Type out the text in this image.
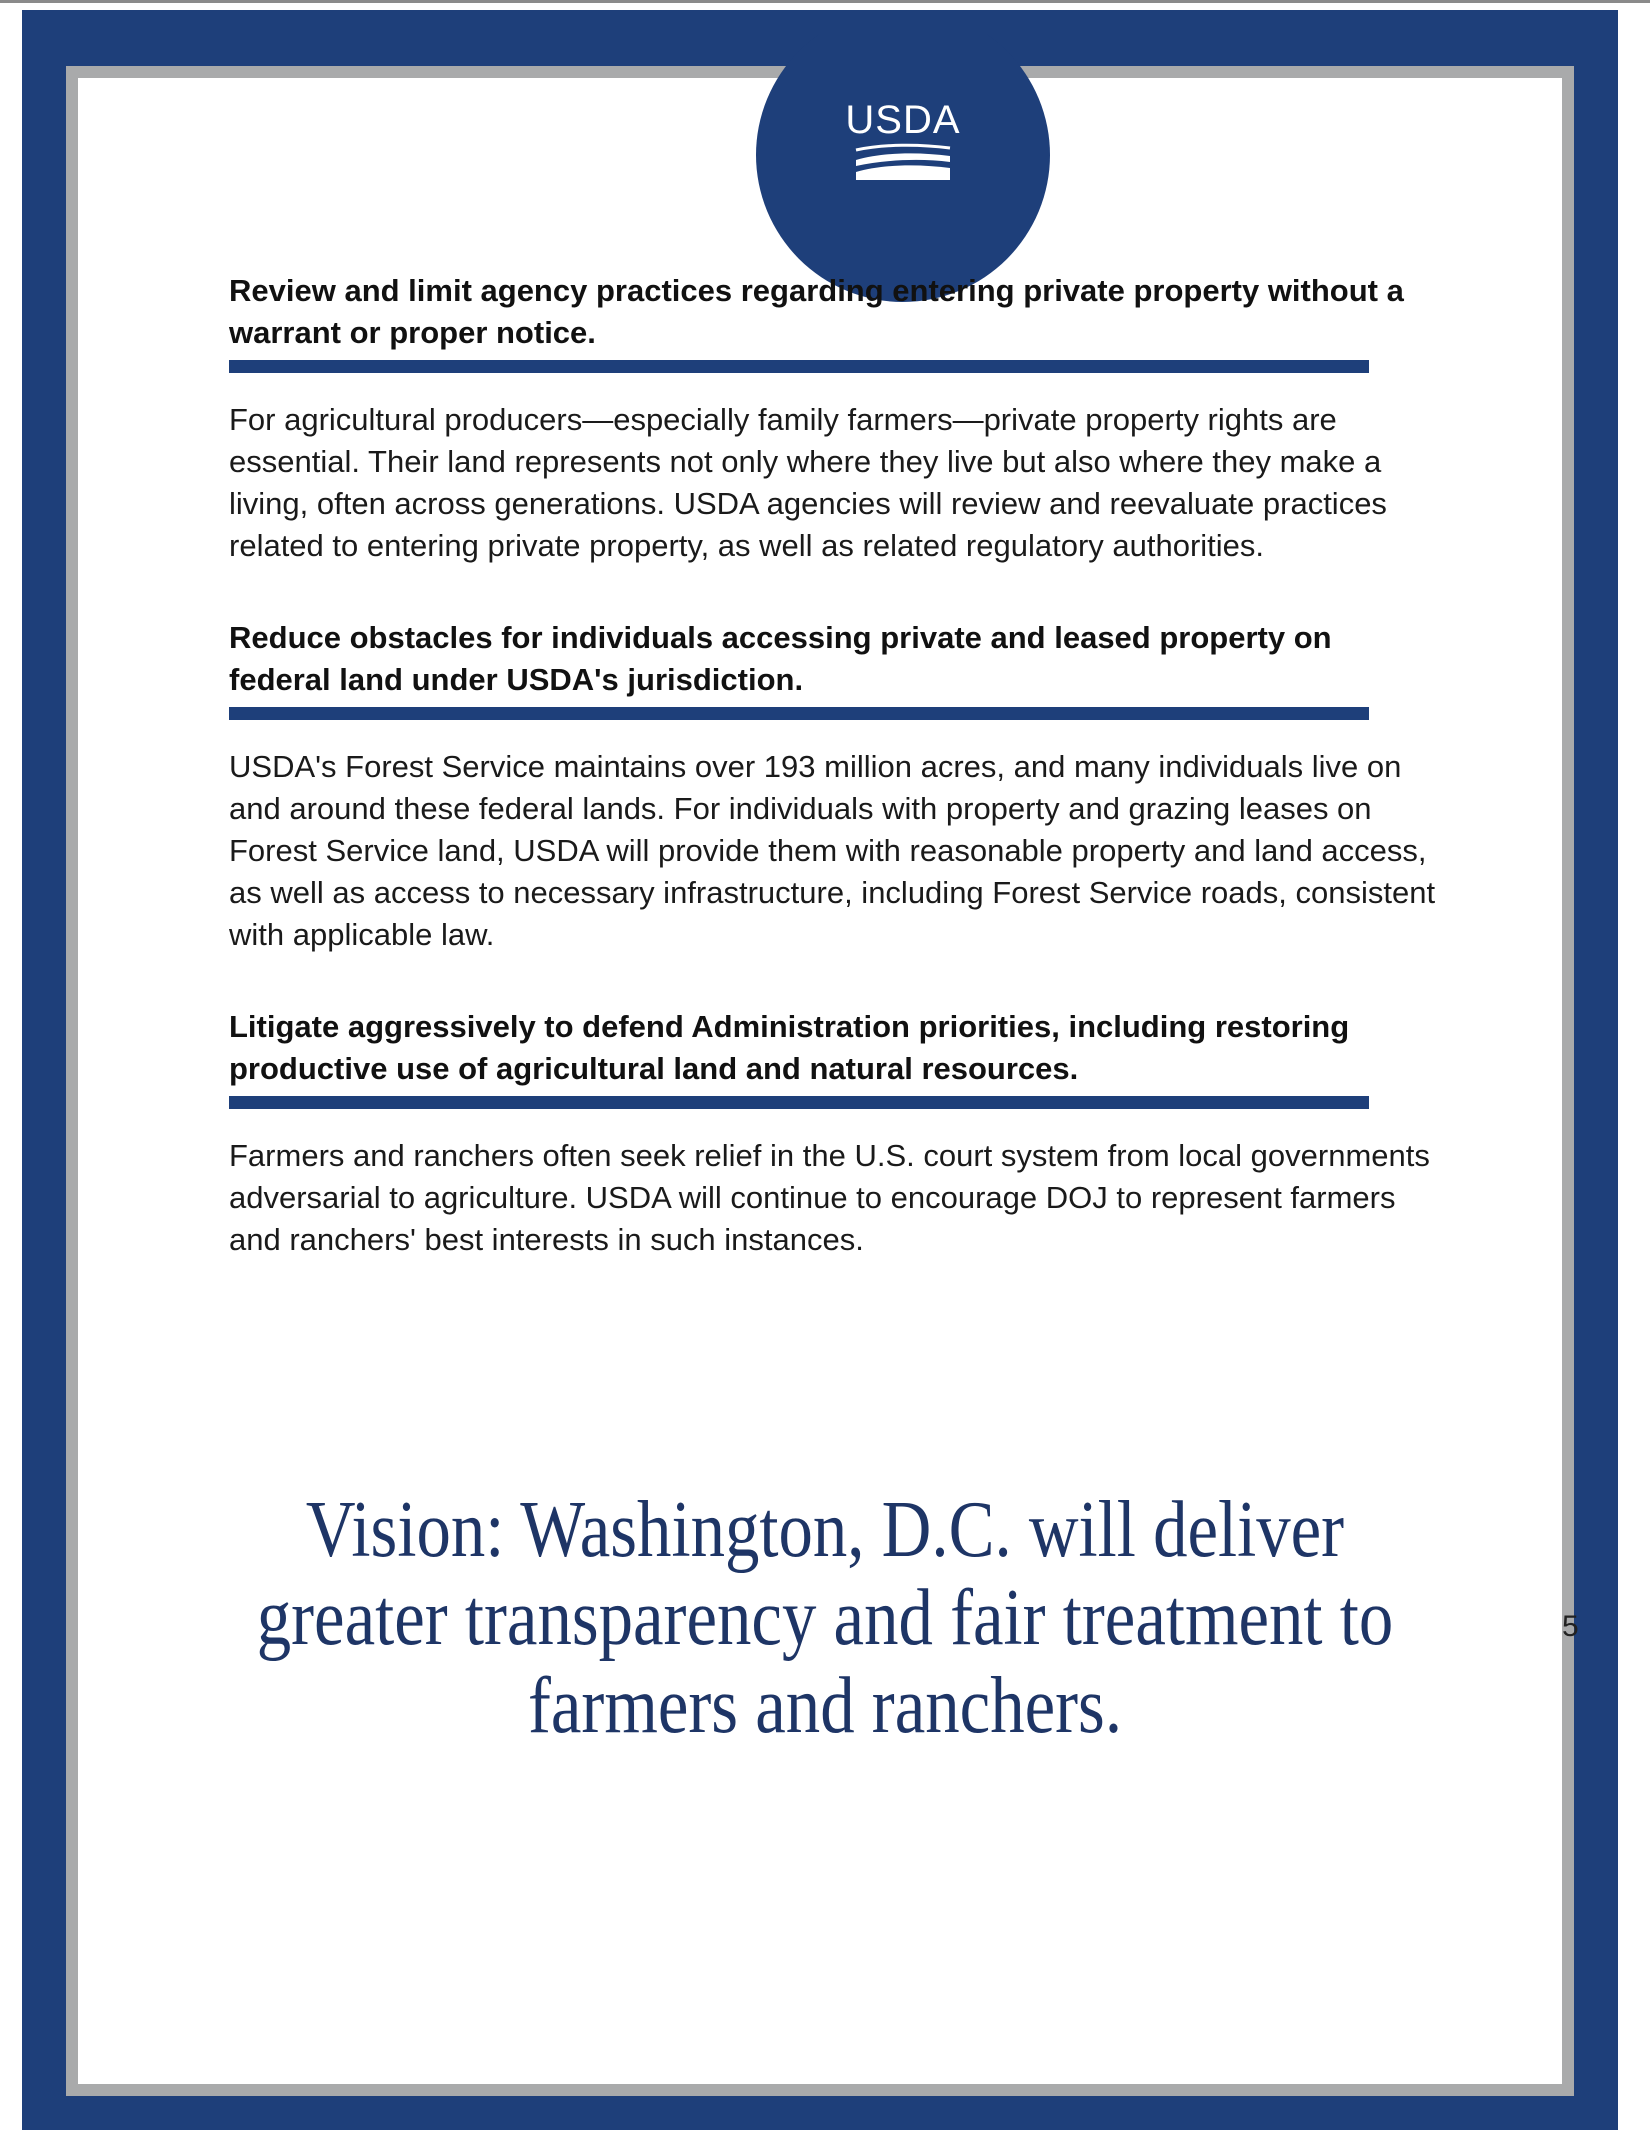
USDA
5
Review and limit agency practices regarding entering private property without a warrant or proper notice.

For agricultural producers—especially family farmers—private property rights are essential. Their land represents not only where they live but also where they make a living, often across generations. USDA agencies will review and reevaluate practices related to entering private property, as well as related regulatory authorities.

Reduce obstacles for individuals accessing private and leased property on federal land under USDA's jurisdiction.

USDA's Forest Service maintains over 193 million acres, and many individuals live on and around these federal lands. For individuals with property and grazing leases on Forest Service land, USDA will provide them with reasonable property and land access, as well as access to necessary infrastructure, including Forest Service roads, consistent with applicable law.

Litigate aggressively to defend Administration priorities, including restoring productive use of agricultural land and natural resources.

Farmers and ranchers often seek relief in the U.S. court system from local governments adversarial to agriculture. USDA will continue to encourage DOJ to represent farmers and ranchers' best interests in such instances.

Vision: Washington, D.C. will deliver greater transparency and fair treatment to farmers and ranchers.
